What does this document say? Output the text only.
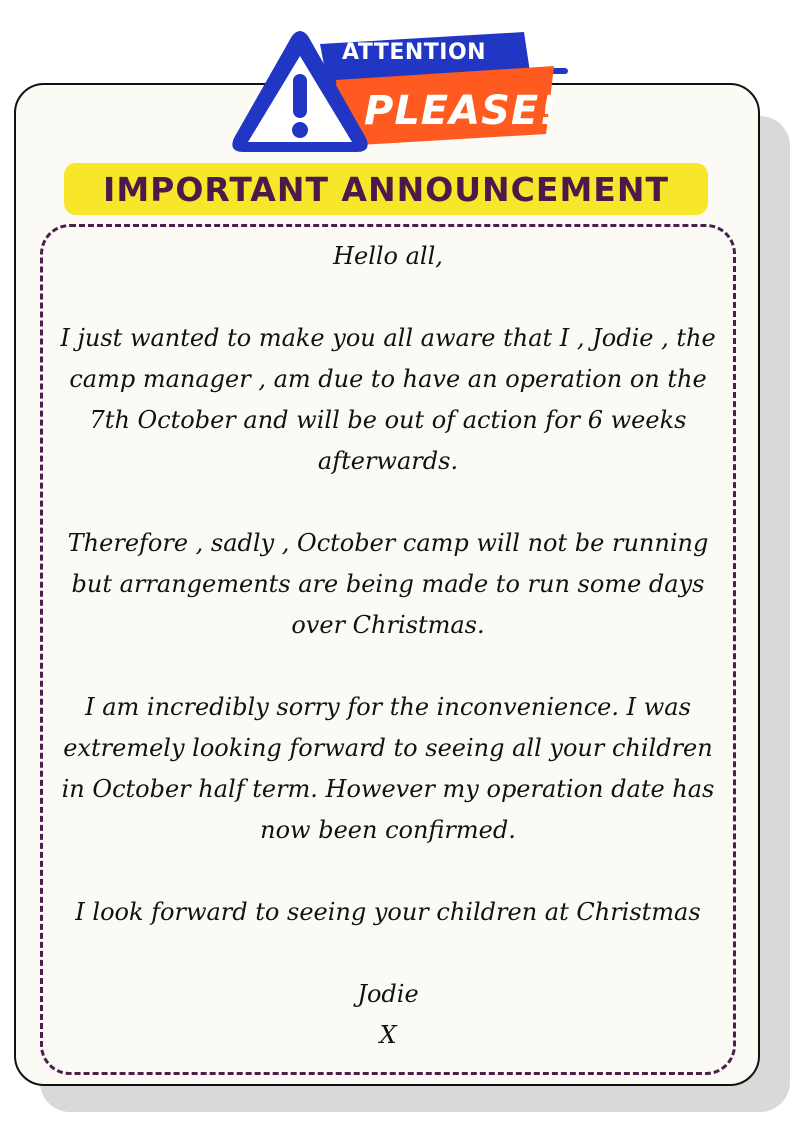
ATTENTION
PLEASE!
IMPORTANT ANNOUNCEMENT

Hello all,

I just wanted to make you all aware that I , Jodie , the camp manager , am due to have an operation on the 7th October and will be out of action for 6 weeks afterwards.

Therefore , sadly , October camp will not be running but arrangements are being made to run some days over Christmas.

I am incredibly sorry for the inconvenience. I was extremely looking forward to seeing all your children in October half term. However my operation date has now been confirmed.

I look forward to seeing your children at Christmas

Jodie

X
